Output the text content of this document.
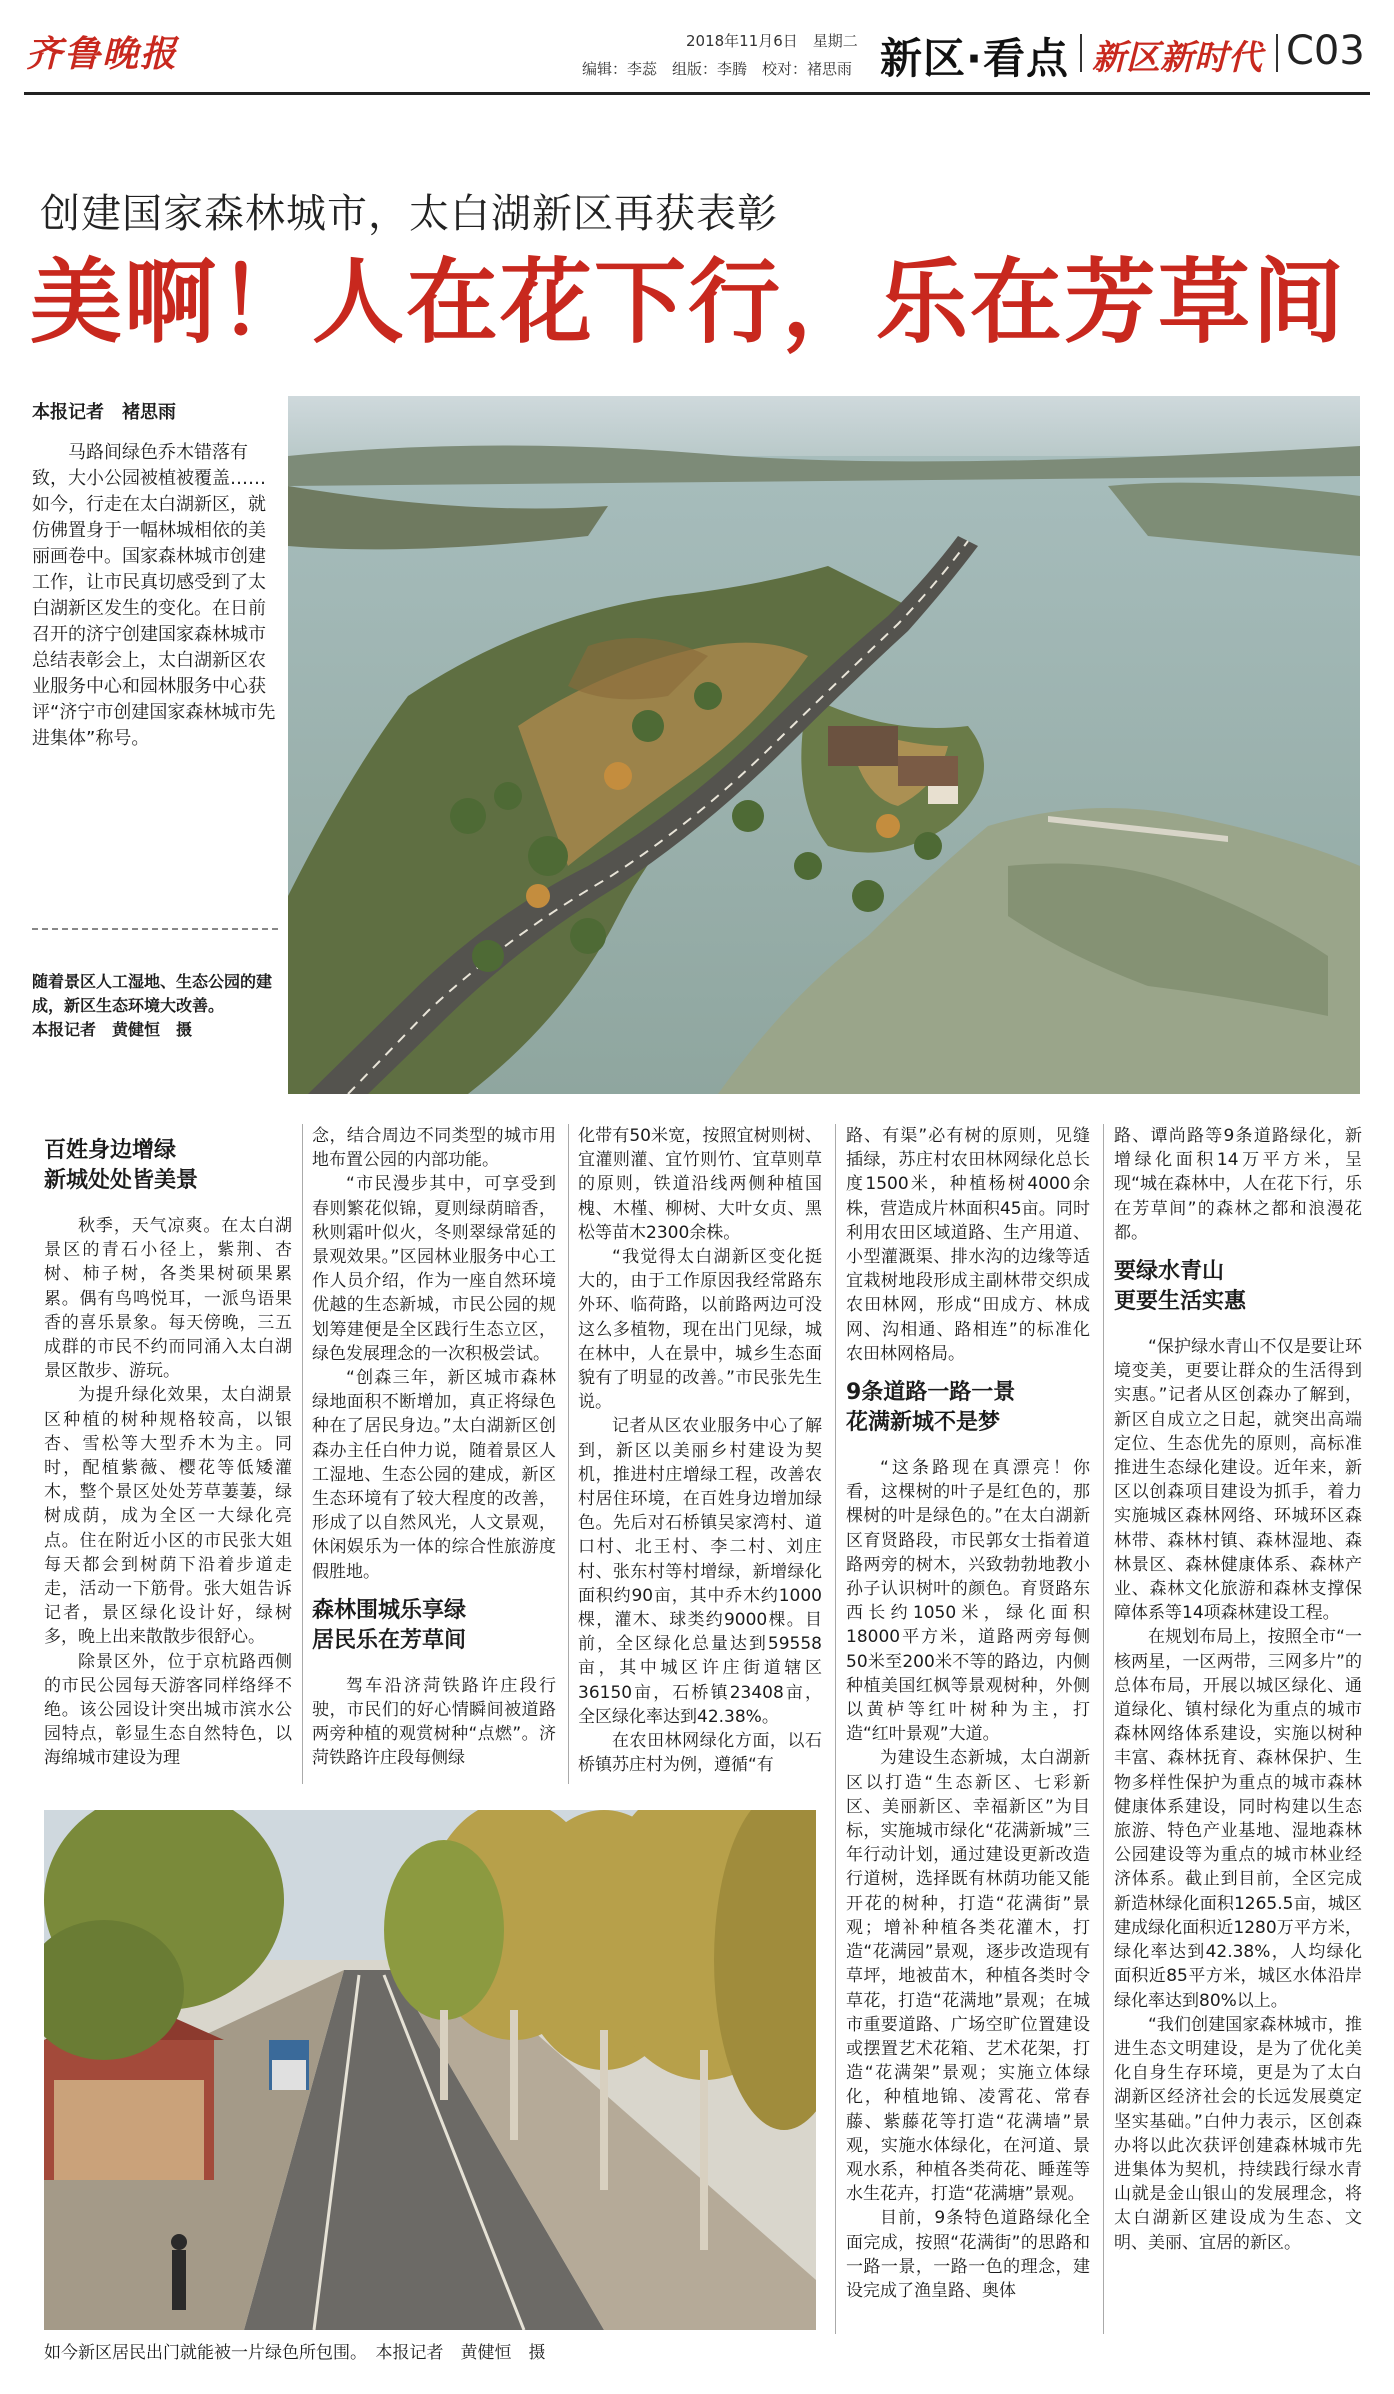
齐鲁晚报	2018年11月6日　星期二
编辑：李蕊　组版：李腾　校对：褚思雨 新区·看点 新区新时代 C03
创建国家森林城市，太白湖新区再获表彰
美啊！人在花下行，乐在芳草间
本报记者　褚思雨

马路间绿色乔木错落有致，大小公园被植被覆盖……如今，行走在太白湖新区，就仿佛置身于一幅林城相依的美丽画卷中。国家森林城市创建工作，让市民真切感受到了太白湖新区发生的变化。在日前召开的济宁创建国家森林城市总结表彰会上，太白湖新区农业服务中心和园林服务中心获评“济宁市创建国家森林城市先进集体”称号。

随着景区人工湿地、生态公园的建成，新区生态环境大改善。
本报记者　黄健恒　摄
百姓身边增绿
新城处处皆美景

秋季，天气凉爽。在太白湖景区的青石小径上，紫荆、杏树、柿子树，各类果树硕果累累。偶有鸟鸣悦耳，一派鸟语果香的喜乐景象。每天傍晚，三五成群的市民不约而同涌入太白湖景区散步、游玩。

为提升绿化效果，太白湖景区种植的树种规格较高，以银杏、雪松等大型乔木为主。同时，配植紫薇、樱花等低矮灌木，整个景区处处芳草萋萋，绿树成荫，成为全区一大绿化亮点。住在附近小区的市民张大姐每天都会到树荫下沿着步道走走，活动一下筋骨。张大姐告诉记者，景区绿化设计好，绿树多，晚上出来散散步很舒心。

除景区外，位于京杭路西侧的市民公园每天游客同样络绎不绝。该公园设计突出城市滨水公园特点，彰显生态自然特色，以海绵城市建设为理

念，结合周边不同类型的城市用地布置公园的内部功能。

“市民漫步其中，可享受到春则繁花似锦，夏则绿荫暗香，秋则霜叶似火，冬则翠绿常延的景观效果。”区园林业服务中心工作人员介绍，作为一座自然环境优越的生态新城，市民公园的规划筹建便是全区践行生态立区，绿色发展理念的一次积极尝试。

“创森三年，新区城市森林绿地面积不断增加，真正将绿色种在了居民身边。”太白湖新区创森办主任白仲力说，随着景区人工湿地、生态公园的建成，新区生态环境有了较大程度的改善，形成了以自然风光，人文景观，休闲娱乐为一体的综合性旅游度假胜地。

森林围城乐享绿
居民乐在芳草间

驾车沿济菏铁路许庄段行驶，市民们的好心情瞬间被道路两旁种植的观赏树种“点燃”。济菏铁路许庄段每侧绿

化带有50米宽，按照宜树则树、宜灌则灌、宜竹则竹、宜草则草的原则，铁道沿线两侧种植国槐、木槿、柳树、大叶女贞、黑松等苗木2300余株。

“我觉得太白湖新区变化挺大的，由于工作原因我经常路东外环、临荷路，以前路两边可没这么多植物，现在出门见绿，城在林中，人在景中，城乡生态面貌有了明显的改善。”市民张先生说。

记者从区农业服务中心了解到，新区以美丽乡村建设为契机，推进村庄增绿工程，改善农村居住环境，在百姓身边增加绿色。先后对石桥镇吴家湾村、道口村、北王村、李二村、刘庄村、张东村等村增绿，新增绿化面积约90亩，其中乔木约1000棵，灌木、球类约9000棵。目前，全区绿化总量达到59558亩，其中城区许庄街道辖区36150亩，石桥镇23408亩，全区绿化率达到42.38%。

在农田林网绿化方面，以石桥镇苏庄村为例，遵循“有

路、有渠”必有树的原则，见缝插绿，苏庄村农田林网绿化总长度1500米，种植杨树4000余株，营造成片林面积45亩。同时利用农田区域道路、生产用道、小型灌溉渠、排水沟的边缘等适宜栽树地段形成主副林带交织成农田林网，形成“田成方、林成网、沟相通、路相连”的标准化农田林网格局。

9条道路一路一景
花满新城不是梦

“这条路现在真漂亮！你看，这棵树的叶子是红色的，那棵树的叶是绿色的。”在太白湖新区育贤路段，市民郭女士指着道路两旁的树木，兴致勃勃地教小孙子认识树叶的颜色。育贤路东西长约1050米，绿化面积18000平方米，道路两旁每侧50米至200米不等的路边，内侧种植美国红枫等景观树种，外侧以黄栌等红叶树种为主，打造“红叶景观”大道。

为建设生态新城，太白湖新区以打造“生态新区、七彩新区、美丽新区、幸福新区”为目标，实施城市绿化“花满新城”三年行动计划，通过建设更新改造行道树，选择既有林荫功能又能开花的树种，打造“花满街”景观；增补种植各类花灌木，打造“花满园”景观，逐步改造现有草坪，地被苗木，种植各类时令草花，打造“花满地”景观；在城市重要道路、广场空旷位置建设或摆置艺术花箱、艺术花架，打造“花满架”景观；实施立体绿化，种植地锦、凌霄花、常春藤、紫藤花等打造“花满墙”景观，实施水体绿化，在河道、景观水系，种植各类荷花、睡莲等水生花卉，打造“花满塘”景观。

目前，9条特色道路绿化全面完成，按照“花满街”的思路和一路一景，一路一色的理念，建设完成了渔皇路、奥体

路、谭尚路等9条道路绿化，新增绿化面积14万平方米，呈现“城在森林中，人在花下行，乐在芳草间”的森林之都和浪漫花都。

要绿水青山
更要生活实惠

“保护绿水青山不仅是要让环境变美，更要让群众的生活得到实惠。”记者从区创森办了解到，新区自成立之日起，就突出高端定位、生态优先的原则，高标准推进生态绿化建设。近年来，新区以创森项目建设为抓手，着力实施城区森林网络、环城环区森林带、森林村镇、森林湿地、森林景区、森林健康体系、森林产业、森林文化旅游和森林支撑保障体系等14项森林建设工程。

在规划布局上，按照全市“一核两星，一区两带，三网多片”的总体布局，开展以城区绿化、通道绿化、镇村绿化为重点的城市森林网络体系建设，实施以树种丰富、森林抚育、森林保护、生物多样性保护为重点的城市森林健康体系建设，同时构建以生态旅游、特色产业基地、湿地森林公园建设等为重点的城市林业经济体系。截止到目前，全区完成新造林绿化面积1265.5亩，城区建成绿化面积近1280万平方米，绿化率达到42.38%，人均绿化面积近85平方米，城区水体沿岸绿化率达到80%以上。

“我们创建国家森林城市，推进生态文明建设，是为了优化美化自身生存环境，更是为了太白湖新区经济社会的长远发展奠定坚实基础。”白仲力表示，区创森办将以此次获评创建森林城市先进集体为契机，持续践行绿水青山就是金山银山的发展理念，将太白湖新区建设成为生态、文明、美丽、宜居的新区。

如今新区居民出门就能被一片绿色所包围。　本报记者　黄健恒　摄
